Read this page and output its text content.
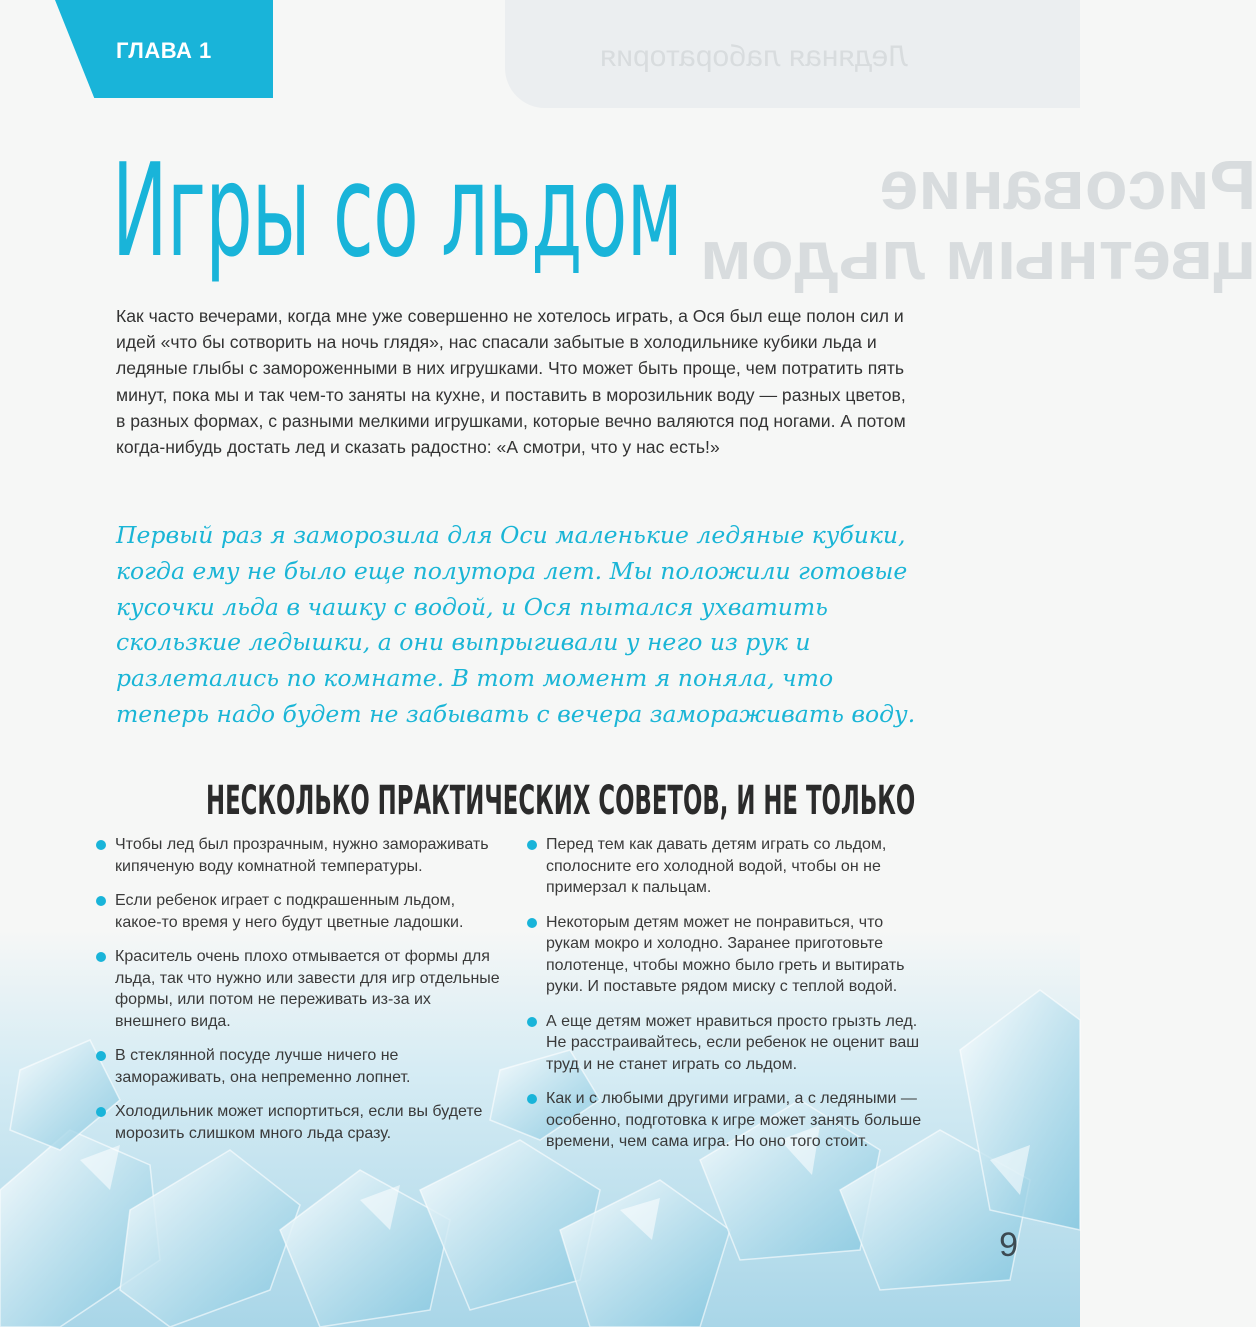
Ледяная лаборатория
Рисование
цветным льдом
ГЛАВА 1
Игры со льдом

Как часто вечерами, когда мне уже совершенно не хотелось играть, а Ося был еще полон сил и идей «что бы сотворить на ночь глядя», нас спасали забытые в холодильнике кубики льда и ледяные глыбы с замороженными в них игрушками. Что может быть проще, чем потратить пять минут, пока мы и так чем-то заняты на кухне, и поставить в морозильник воду — разных цветов, в разных формах, с разными мелкими игрушками, которые вечно валяются под ногами. А потом когда-нибудь достать лед и сказать радостно: «А смотри, что у нас есть!»

Первый раз я заморозила для Оси маленькие ледяные кубики, когда ему не было еще полутора лет. Мы положили готовые кусочки льда в чашку с водой, и Ося пытался ухватить скользкие ледышки, а они выпрыгивали у него из рук и разлетались по комнате. В тот момент я поняла, что теперь надо будет не забывать с вечера замораживать воду.

НЕСКОЛЬКО ПРАКТИЧЕСКИХ СОВЕТОВ, И НЕ ТОЛЬКО
Чтобы лед был прозрачным, нужно замораживать кипяченую воду комнатной температуры.
Если ребенок играет с подкрашенным льдом, какое-то время у него будут цветные ладошки.
Краситель очень плохо отмывается от формы для льда, так что нужно или завести для игр отдельные формы, или потом не переживать из-за их внешнего вида.
В стеклянной посуде лучше ничего не замораживать, она непременно лопнет.
Холодильник может испортиться, если вы будете морозить слишком много льда сразу.
Перед тем как давать детям играть со льдом, сполосните его холодной водой, чтобы он не примерзал к пальцам.
Некоторым детям может не понравиться, что рукам мокро и холодно. Заранее приготовьте полотенце, чтобы можно было греть и вытирать руки. И поставьте рядом миску с теплой водой.
А еще детям может нравиться просто грызть лед. Не расстраивайтесь, если ребенок не оценит ваш труд и не станет играть со льдом.
Как и с любыми другими играми, а с ледяными — особенно, подготовка к игре может занять больше времени, чем сама игра. Но оно того стоит.
9
